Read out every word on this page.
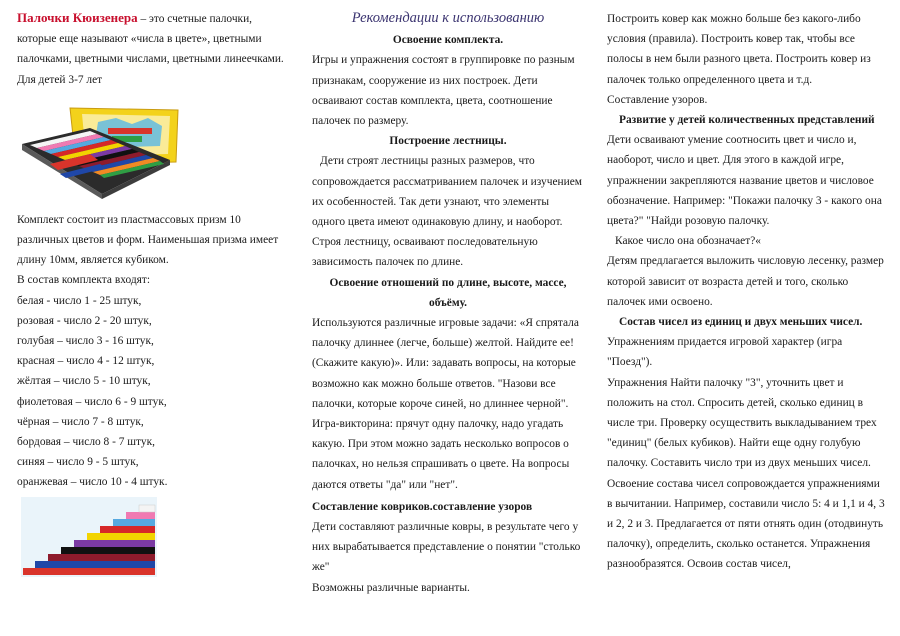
Палочки Кюизенера – это счетные палочки, которые еще называют «числа в цвете», цветными палочками, цветными числами, цветными линеечками. Для детей 3-7 лет

Комплект состоит из пластмассовых призм 10 различных цветов и форм. Наименьшая призма имеет длину 10мм, является кубиком.

В состав комплекта входят:

белая - число 1 - 25 штук,

розовая - число 2 - 20 штук,

голубая – число 3 - 16 штук,

красная – число 4 - 12 штук,

жёлтая – число 5 - 10 штук,

фиолетовая – число 6 - 9 штук,

чёрная – число 7 - 8 штук,

бордовая – число 8 - 7 штук,

синяя – число 9 - 5 штук,

оранжевая – число 10 - 4 штук.

Рекомендации к использованию

Освоение комплекта.

Игры и упражнения состоят в группировке по разным признакам, сооружение из них построек. Дети осваивают состав комплекта, цвета, соотношение палочек по размеру.

Построение лестницы.

Дети строят лестницы разных размеров, что сопровождается рассматриванием палочек и изучением их особенностей. Так дети узнают, что элементы одного цвета имеют одинаковую длину, и наоборот. Строя лестницу, осваивают последовательную зависимость палочек по длине.

Освоение отношений по длине, высоте, массе, объёму.

Используются различные игровые задачи: «Я спрятала палочку длиннее (легче, больше) желтой. Найдите ее! (Скажите какую)». Или: задавать вопросы, на которые возможно как можно больше ответов. "Назови все палочки, которые короче синей, но длиннее черной". Игра-викторина: прячут одну палочку, надо угадать какую. При этом можно задать несколько вопросов о палочках, но нельзя спрашивать о цвете. На вопросы даются ответы "да" или "нет".

Составление ковриков.составление узоров

Дети составляют различные ковры, в результате чего у них вырабатывается представление о понятии "столько же"

Возможны различные варианты.

Построить ковер как можно больше без какого-либо условия (правила). Построить ковер так, чтобы все полосы в нем были разного цвета. Построить ковер из палочек только определенного цвета и т.д.

Составление узоров.

Развитие у детей количественных представлений

Дети осваивают умение соотносить цвет и число и, наоборот, число и цвет. Для этого в каждой игре, упражнении закрепляются название цветов и числовое обозначение. Например: "Покажи палочку 3 - какого она цвета?" "Найди розовую палочку.

Какое число она обозначает?«

Детям предлагается выложить числовую лесенку, размер которой зависит от возраста детей и того, сколько палочек ими освоено.

Состав чисел из единиц и двух меньших чисел.

Упражнениям придается игровой характер (игра "Поезд").

Упражнения Найти палочку "3", уточнить цвет и положить на стол. Спросить детей, сколько единиц в числе три. Проверку осуществить выкладыванием трех "единиц" (белых кубиков). Найти еще одну голубую палочку. Составить число три из двух меньших чисел. Освоение состава чисел сопровождается упражнениями в вычитании. Например, составили число 5: 4 и 1,1 и 4, 3 и 2, 2 и 3. Предлагается от пяти отнять один (отодвинуть палочку), определить, сколько останется. Упражнения разнообразятся. Освоив состав чисел,
